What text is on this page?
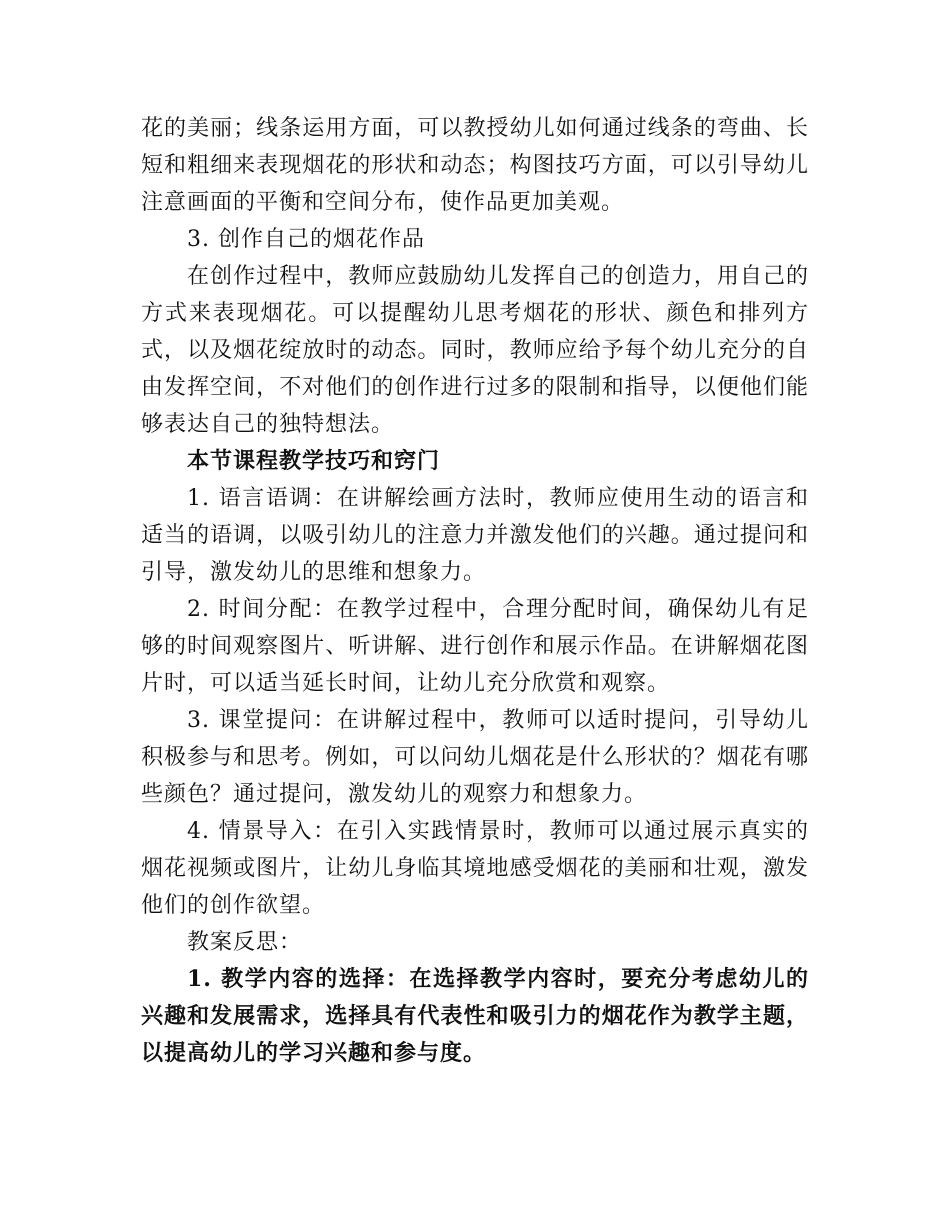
花的美丽；线条运用方面，可以教授幼儿如何通过线条的弯曲、长短和粗细来表现烟花的形状和动态；构图技巧方面，可以引导幼儿注意画面的平衡和空间分布，使作品更加美观。

3. 创作自己的烟花作品

在创作过程中，教师应鼓励幼儿发挥自己的创造力，用自己的方式来表现烟花。可以提醒幼儿思考烟花的形状、颜色和排列方式，以及烟花绽放时的动态。同时，教师应给予每个幼儿充分的自由发挥空间，不对他们的创作进行过多的限制和指导，以便他们能够表达自己的独特想法。

本节课程教学技巧和窍门

1. 语言语调：在讲解绘画方法时，教师应使用生动的语言和适当的语调，以吸引幼儿的注意力并激发他们的兴趣。通过提问和引导，激发幼儿的思维和想象力。

2. 时间分配：在教学过程中，合理分配时间，确保幼儿有足够的时间观察图片、听讲解、进行创作和展示作品。在讲解烟花图片时，可以适当延长时间，让幼儿充分欣赏和观察。

3. 课堂提问：在讲解过程中，教师可以适时提问，引导幼儿积极参与和思考。例如，可以问幼儿烟花是什么形状的？烟花有哪些颜色？通过提问，激发幼儿的观察力和想象力。

4. 情景导入：在引入实践情景时，教师可以通过展示真实的烟花视频或图片，让幼儿身临其境地感受烟花的美丽和壮观，激发他们的创作欲望。

教案反思：

1. 教学内容的选择：在选择教学内容时，要充分考虑幼儿的兴趣和发展需求，选择具有代表性和吸引力的烟花作为教学主题，以提高幼儿的学习兴趣和参与度。
